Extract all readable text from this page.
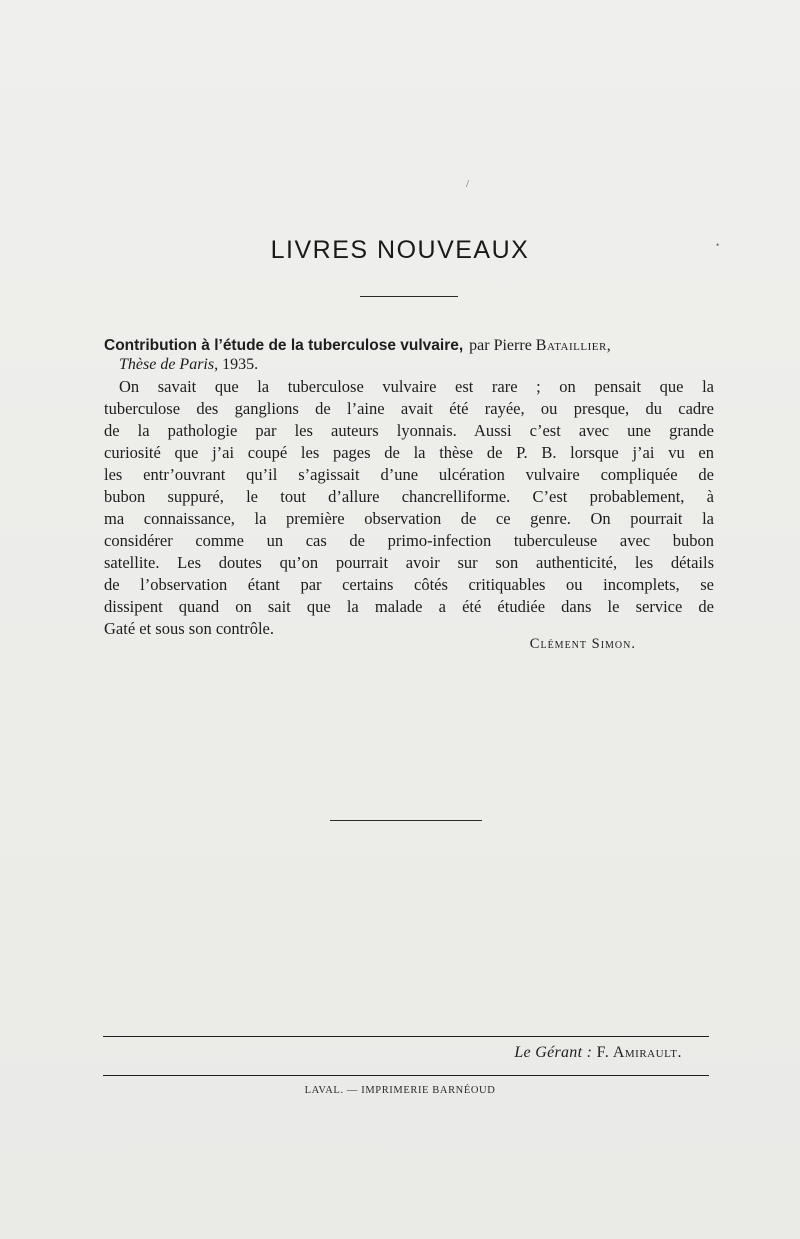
/
•
LIVRES NOUVEAUX
Contribution à l’étude de la tuberculose vulvaire, par Pierre Bataillier,
Thèse de Paris, 1935.
On savait que la tuberculose vulvaire est rare ; on pensait que la
tuberculose des ganglions de l’aine avait été rayée, ou presque, du cadre
de la pathologie par les auteurs lyonnais. Aussi c’est avec une grande
curiosité que j’ai coupé les pages de la thèse de P. B. lorsque j’ai vu en
les entr’ouvrant qu’il s’agissait d’une ulcération vulvaire compliquée de
bubon suppuré, le tout d’allure chancrelliforme. C’est probablement, à
ma connaissance, la première observation de ce genre. On pourrait la
considérer comme un cas de primo-infection tuberculeuse avec bubon
satellite. Les doutes qu’on pourrait avoir sur son authenticité, les détails
de l’observation étant par certains côtés critiquables ou incomplets, se
dissipent quand on sait que la malade a été étudiée dans le service de
Gaté et sous son contrôle.
Clément Simon.
Le Gérant : F. Amirault.
LAVAL. — IMPRIMERIE BARNÉOUD
